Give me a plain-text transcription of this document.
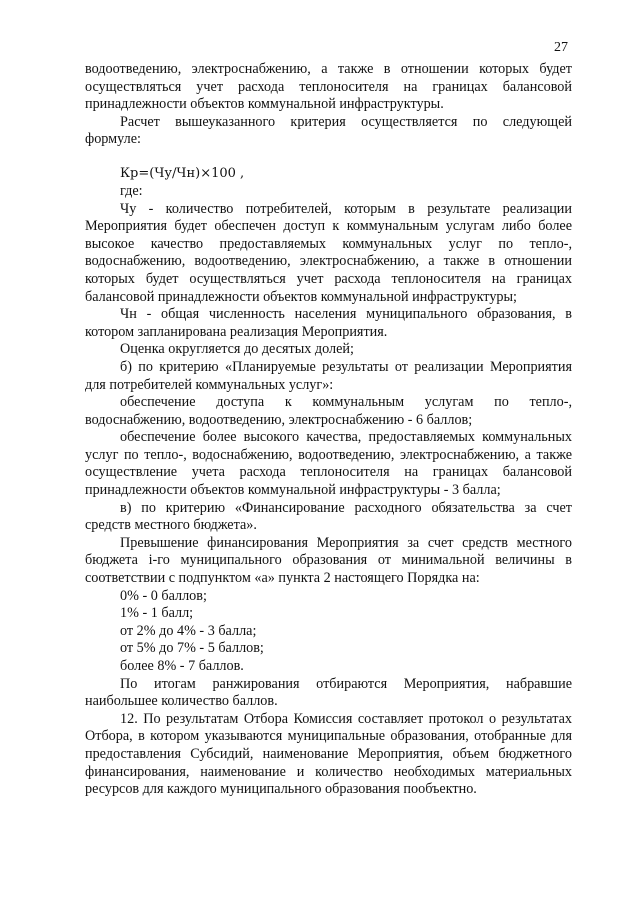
27

водоотведению, электроснабжению, а также в отношении которых будет осуществляться учет расхода теплоносителя на границах балансовой принадлежности объектов коммунальной инфраструктуры.

Расчет вышеуказанного критерия осуществляется по следующей формуле:

Кр=(Чу/Чн)×100 ,

где:

Чу - количество потребителей, которым в результате реализации Мероприятия будет обеспечен доступ к коммунальным услугам либо более высокое качество предоставляемых коммунальных услуг по тепло-, водоснабжению, водоотведению, электроснабжению, а также в отношении которых будет осуществляться учет расхода теплоносителя на границах балансовой принадлежности объектов коммунальной инфраструктуры;

Чн - общая численность населения муниципального образования, в котором запланирована реализация Мероприятия.

Оценка округляется до десятых долей;

б) по критерию «Планируемые результаты от реализации Мероприятия для потребителей коммунальных услуг»:

обеспечение доступа к коммунальным услугам по тепло-, водоснабжению, водоотведению, электроснабжению - 6 баллов;

обеспечение более высокого качества, предоставляемых коммунальных услуг по тепло-, водоснабжению, водоотведению, электроснабжению, а также осуществление учета расхода теплоносителя на границах балансовой принадлежности объектов коммунальной инфраструктуры - 3 балла;

в) по критерию «Финансирование расходного обязательства за счет средств местного бюджета».

Превышение финансирования Мероприятия за счет средств местного бюджета i-го муниципального образования от минимальной величины в соответствии с подпунктом «а» пункта 2 настоящего Порядка на:

0% - 0 баллов;

1% - 1 балл;

от 2% до 4% - 3 балла;

от 5% до 7% - 5 баллов;

более 8% - 7 баллов.

По итогам ранжирования отбираются Мероприятия, набравшие наибольшее количество баллов.

12. По результатам Отбора Комиссия составляет протокол о результатах Отбора, в котором указываются муниципальные образования, отобранные для предоставления Субсидий, наименование Мероприятия, объем бюджетного финансирования, наименование и количество необходимых материальных ресурсов для каждого муниципального образования пообъектно.
